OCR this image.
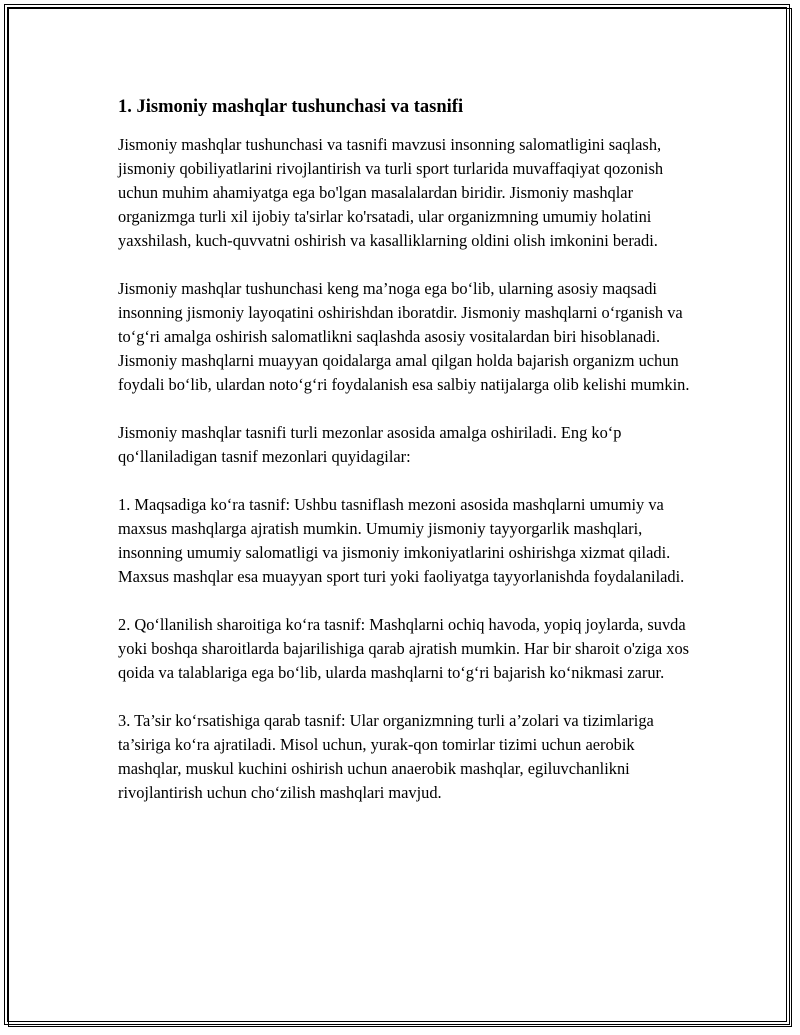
1. Jismoniy mashqlar tushunchasi va tasnifi

Jismoniy mashqlar tushunchasi va tasnifi mavzusi insonning salomatligini saqlash, jismoniy qobiliyatlarini rivojlantirish va turli sport turlarida muvaffaqiyat qozonish uchun muhim ahamiyatga ega bo'lgan masalalardan biridir. Jismoniy mashqlar organizmga turli xil ijobiy ta'sirlar ko'rsatadi, ular organizmning umumiy holatini yaxshilash, kuch-quvvatni oshirish va kasalliklarning oldini olish imkonini beradi.

Jismoniy mashqlar tushunchasi keng ma’noga ega bo‘lib, ularning asosiy maqsadi insonning jismoniy layoqatini oshirishdan iboratdir. Jismoniy mashqlarni o‘rganish va to‘g‘ri amalga oshirish salomatlikni saqlashda asosiy vositalardan biri hisoblanadi. Jismoniy mashqlarni muayyan qoidalarga amal qilgan holda bajarish organizm uchun foydali bo‘lib, ulardan noto‘g‘ri foydalanish esa salbiy natijalarga olib kelishi mumkin.

Jismoniy mashqlar tasnifi turli mezonlar asosida amalga oshiriladi. Eng ko‘p qo‘llaniladigan tasnif mezonlari quyidagilar:

1. Maqsadiga ko‘ra tasnif: Ushbu tasniflash mezoni asosida mashqlarni umumiy va maxsus mashqlarga ajratish mumkin. Umumiy jismoniy tayyorgarlik mashqlari, insonning umumiy salomatligi va jismoniy imkoniyatlarini oshirishga xizmat qiladi. Maxsus mashqlar esa muayyan sport turi yoki faoliyatga tayyorlanishda foydalaniladi.

2. Qo‘llanilish sharoitiga ko‘ra tasnif: Mashqlarni ochiq havoda, yopiq joylarda, suvda yoki boshqa sharoitlarda bajarilishiga qarab ajratish mumkin. Har bir sharoit o'ziga xos qoida va talablariga ega bo‘lib, ularda mashqlarni to‘g‘ri bajarish ko‘nikmasi zarur.

3. Ta’sir ko‘rsatishiga qarab tasnif: Ular organizmning turli a’zolari va tizimlariga ta’siriga ko‘ra ajratiladi. Misol uchun, yurak-qon tomirlar tizimi uchun aerobik mashqlar, muskul kuchini oshirish uchun anaerobik mashqlar, egiluvchanlikni rivojlantirish uchun cho‘zilish mashqlari mavjud.
